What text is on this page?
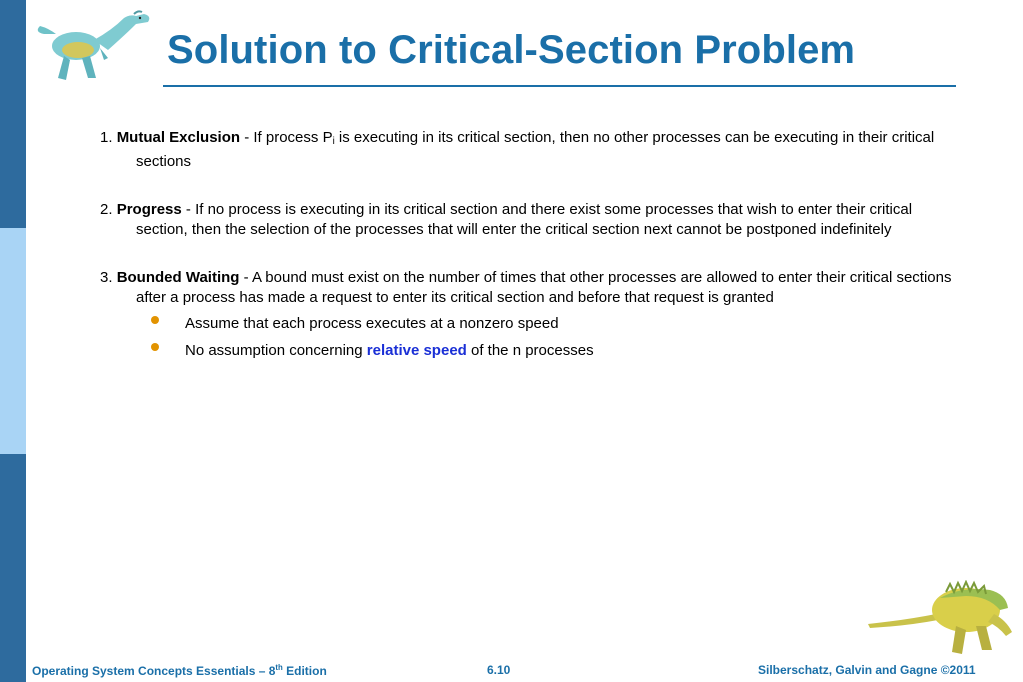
Solution to Critical-Section Problem

1. Mutual Exclusion - If process $P_i$ is executing in its critical section, then no other processes can be executing in their critical sections

2. Progress - If no process is executing in its critical section and there exist some processes that wish to enter their critical section, then the selection of the processes that will enter the critical section next cannot be postponed indefinitely

3. Bounded Waiting - A bound must exist on the number of times that other processes are allowed to enter their critical sections after a process has made a request to enter its critical section and before that request is granted

Assume that each process executes at a nonzero speed
No assumption concerning relative speed of the n processes
Operating System Concepts Essentials – 8th Edition	6.10	Silberschatz, Galvin and Gagne ©2011
